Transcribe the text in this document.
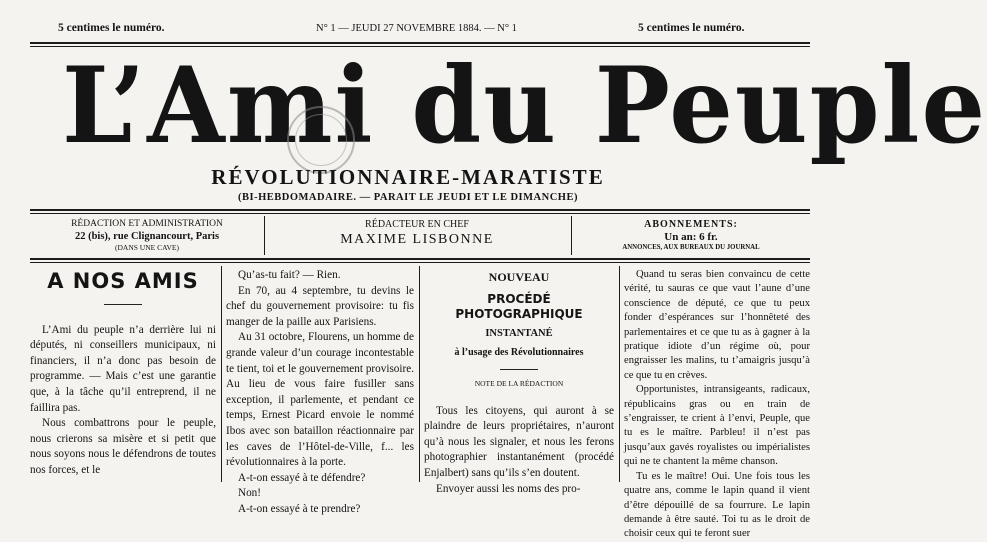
5 centimes le numéro.	N° 1 — JEUDI 27 NOVEMBRE 1884. — N° 1	5 centimes le numéro.
L’Ami du Peuple
RÉVOLUTIONNAIRE-MARATISTE
(BI-HEBDOMADAIRE. — PARAIT LE JEUDI ET LE DIMANCHE)
RÉDACTION ET ADMINISTRATION
22 (bis), rue Clignancourt, Paris
(DANS UNE CAVE)
RÉDACTEUR EN CHEF
MAXIME LISBONNE
ABONNEMENTS:
Un an: 6 fr.
ANNONCES, AUX BUREAUX DU JOURNAL
A NOS AMIS

L’Ami du peuple n’a derrière lui ni députés, ni conseillers municipaux, ni financiers, il n’a donc pas besoin de programme. — Mais c’est une garantie que, à la tâche qu’il entreprend, il ne faillira pas.

Nous combattrons pour le peuple, nous crierons sa misère et si petit que nous soyons nous le défendrons de toutes nos forces, et le

Qu’as-tu fait? — Rien.

En 70, au 4 septembre, tu devins le chef du gouvernement provisoire: tu fis manger de la paille aux Parisiens.

Au 31 octobre, Flourens, un homme de grande valeur d’un courage incontestable te tient, toi et le gouvernement provisoire. Au lieu de vous faire fusiller sans exception, il parlemente, et pendant ce temps, Ernest Picard envoie le nommé Ibos avec son bataillon réactionnaire par les caves de l’Hôtel-de-Ville, f... les révolutionnaires à la porte.

A-t-on essayé à te défendre?

Non!

A-t-on essayé à te prendre?

NOUVEAU
PROCÉDÉ PHOTOGRAPHIQUE
INSTANTANÉ
à l’usage des Révolutionnaires
NOTE DE LA RÉDACTION

Tous les citoyens, qui auront à se plaindre de leurs propriétaires, n’auront qu’à nous les signaler, et nous les ferons photographier instantanément (procédé Enjalbert) sans qu’ils s’en doutent.

Envoyer aussi les noms des pro-

Quand tu seras bien convaincu de cette vérité, tu sauras ce que vaut l’aune d’une conscience de député, ce que tu peux fonder d’espérances sur l’honnêteté des parlementaires et ce que tu as à gagner à la pratique idiote d’un régime où, pour engraisser les malins, tu t’amaigris jusqu’à ce que tu en crèves.

Opportunistes, intransigeants, radicaux, républicains gras ou en train de s’engraisser, te crient à l’envi, Peuple, que tu es le maître. Parbleu! il n’est pas jusqu’aux gavés royalistes ou impérialistes qui ne te chantent la même chanson.

Tu es le maître! Oui. Une fois tous les quatre ans, comme le lapin quand il vient d’être dépouillé de sa fourrure. Le lapin demande à être sauté. Toi tu as le droit de choisir ceux qui te feront suer
